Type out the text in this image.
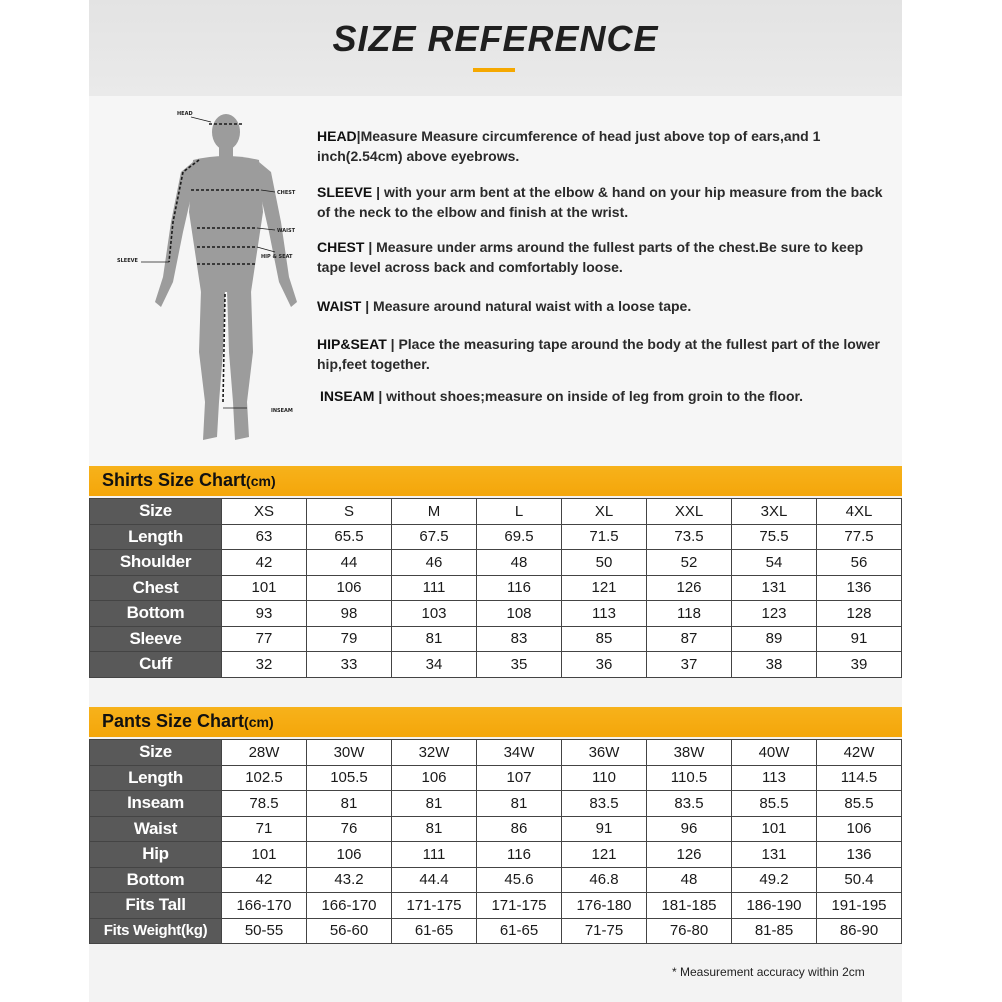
SIZE REFERENCE
HEAD
CHEST
WAIST
HIP & SEAT
SLEEVE
INSEAM
HEAD|Measure Measure circumference of head just above top of ears,and 1 inch(2.54cm) above eyebrows.
SLEEVE | with your arm bent at the elbow & hand on your hip measure from the back of the neck to the elbow and finish at the wrist.
CHEST | Measure under arms around the fullest parts of the chest.Be sure to keep tape level across back and comfortably loose.
WAIST | Measure around natural waist with a loose tape.
HIP&SEAT | Place the measuring tape around the body at the fullest part of the lower hip,feet together.
INSEAM | without shoes;measure on inside of leg from groin to the floor.
Shirts Size Chart(cm)
Size	XS	S	M	L	XL	XXL	3XL	4XL
Length	63	65.5	67.5	69.5	71.5	73.5	75.5	77.5
Shoulder	42	44	46	48	50	52	54	56
Chest	101	106	111	116	121	126	131	136
Bottom	93	98	103	108	113	118	123	128
Sleeve	77	79	81	83	85	87	89	91
Cuff	32	33	34	35	36	37	38	39
Pants Size Chart(cm)
Size	28W	30W	32W	34W	36W	38W	40W	42W
Length	102.5	105.5	106	107	110	110.5	113	114.5
Inseam	78.5	81	81	81	83.5	83.5	85.5	85.5
Waist	71	76	81	86	91	96	101	106
Hip	101	106	111	116	121	126	131	136
Bottom	42	43.2	44.4	45.6	46.8	48	49.2	50.4
Fits Tall	166-170	166-170	171-175	171-175	176-180	181-185	186-190	191-195
Fits Weight(kg)	50-55	56-60	61-65	61-65	71-75	76-80	81-85	86-90
* Measurement accuracy within 2cm
